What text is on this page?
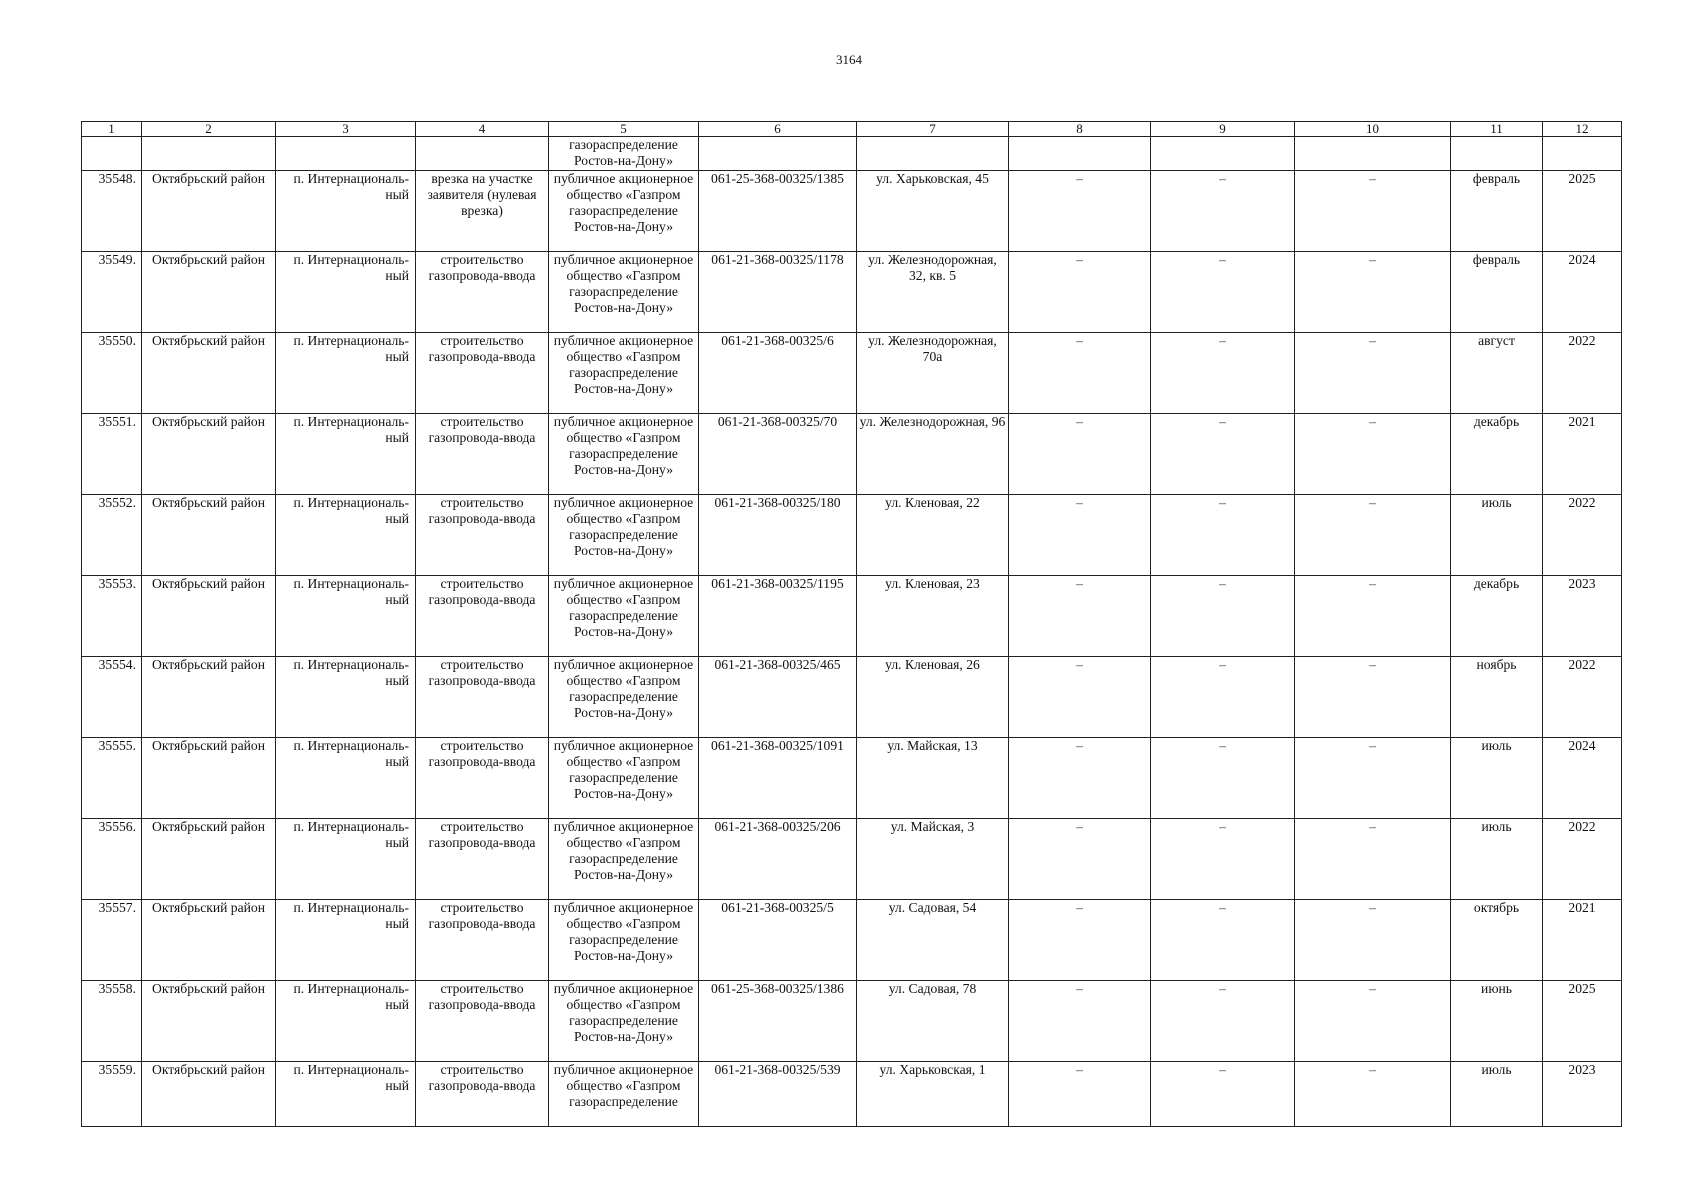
3164
1	2	3	4	5	6	7	8	9	10	11	12
				газораспределение Ростов-на-Дону»							
35548.	Октябрьский район	п. Интернациональ-ный	врезка на участке заявителя (нулевая врезка)	публичное акционерное общество «Газпром газораспределение Ростов-на-Дону»	061-25-368-00325/1385	ул. Харьковская, 45	–	–	–	февраль	2025
35549.	Октябрьский район	п. Интернациональ-ный	строительство газопровода-ввода	публичное акционерное общество «Газпром газораспределение Ростов-на-Дону»	061-21-368-00325/1178	ул. Железнодорожная, 32, кв. 5	–	–	–	февраль	2024
35550.	Октябрьский район	п. Интернациональ-ный	строительство газопровода-ввода	публичное акционерное общество «Газпром газораспределение Ростов-на-Дону»	061-21-368-00325/6	ул. Железнодорожная, 70а	–	–	–	август	2022
35551.	Октябрьский район	п. Интернациональ-ный	строительство газопровода-ввода	публичное акционерное общество «Газпром газораспределение Ростов-на-Дону»	061-21-368-00325/70	ул. Железнодорожная, 96	–	–	–	декабрь	2021
35552.	Октябрьский район	п. Интернациональ-ный	строительство газопровода-ввода	публичное акционерное общество «Газпром газораспределение Ростов-на-Дону»	061-21-368-00325/180	ул. Кленовая, 22	–	–	–	июль	2022
35553.	Октябрьский район	п. Интернациональ-ный	строительство газопровода-ввода	публичное акционерное общество «Газпром газораспределение Ростов-на-Дону»	061-21-368-00325/1195	ул. Кленовая, 23	–	–	–	декабрь	2023
35554.	Октябрьский район	п. Интернациональ-ный	строительство газопровода-ввода	публичное акционерное общество «Газпром газораспределение Ростов-на-Дону»	061-21-368-00325/465	ул. Кленовая, 26	–	–	–	ноябрь	2022
35555.	Октябрьский район	п. Интернациональ-ный	строительство газопровода-ввода	публичное акционерное общество «Газпром газораспределение Ростов-на-Дону»	061-21-368-00325/1091	ул. Майская, 13	–	–	–	июль	2024
35556.	Октябрьский район	п. Интернациональ-ный	строительство газопровода-ввода	публичное акционерное общество «Газпром газораспределение Ростов-на-Дону»	061-21-368-00325/206	ул. Майская, 3	–	–	–	июль	2022
35557.	Октябрьский район	п. Интернациональ-ный	строительство газопровода-ввода	публичное акционерное общество «Газпром газораспределение Ростов-на-Дону»	061-21-368-00325/5	ул. Садовая, 54	–	–	–	октябрь	2021
35558.	Октябрьский район	п. Интернациональ-ный	строительство газопровода-ввода	публичное акционерное общество «Газпром газораспределение Ростов-на-Дону»	061-25-368-00325/1386	ул. Садовая, 78	–	–	–	июнь	2025
35559.	Октябрьский район	п. Интернациональ-ный	строительство газопровода-ввода	публичное акционерное общество «Газпром газораспределение	061-21-368-00325/539	ул. Харьковская, 1	–	–	–	июль	2023
